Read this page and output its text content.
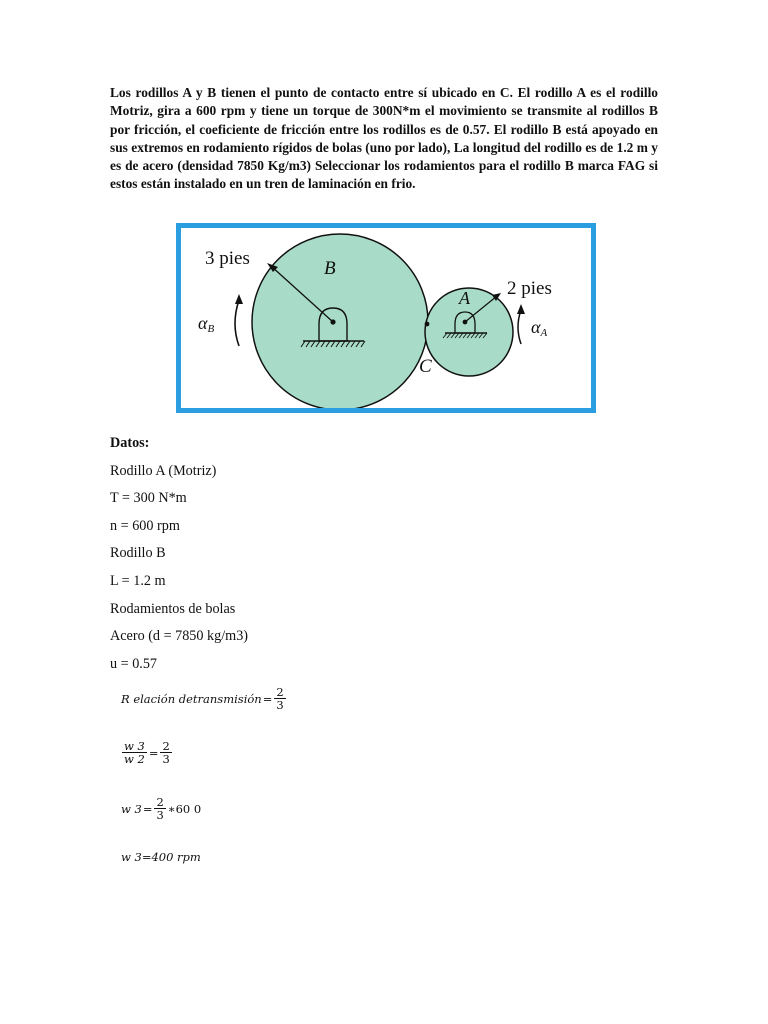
Los rodillos A y B tienen el punto de contacto entre sí ubicado en C. El rodillo A es el rodillo Motriz, gira a 600 rpm y tiene un torque de 300N*m el movimiento se transmite al rodillos B por fricción, el coeficiente de fricción entre los rodillos es de 0.57. El rodillo B está apoyado en sus extremos en rodamiento rígidos de bolas (uno por lado), La longitud del rodillo es de 1.2 m y es de acero (densidad 7850 Kg/m3) Seleccionar los rodamientos para el rodillo B marca FAG si estos están instalado en un tren de laminación en frio.
3 pies	B
2 pies
A
C
αB	αA
Datos:
Rodillo A (Motriz)
T = 300 N*m
n = 600 rpm
Rodillo B
L = 1.2 m
Rodamientos de bolas
Acero (d = 7850 kg/m3)
u = 0.57
R elación detransmisión = $\frac{2}{3}$
$\frac{w 3}{w 2} = \frac{2}{3}$
w $3 = \frac{2}{3}$ ∗60 0
w 3=400 rpm
